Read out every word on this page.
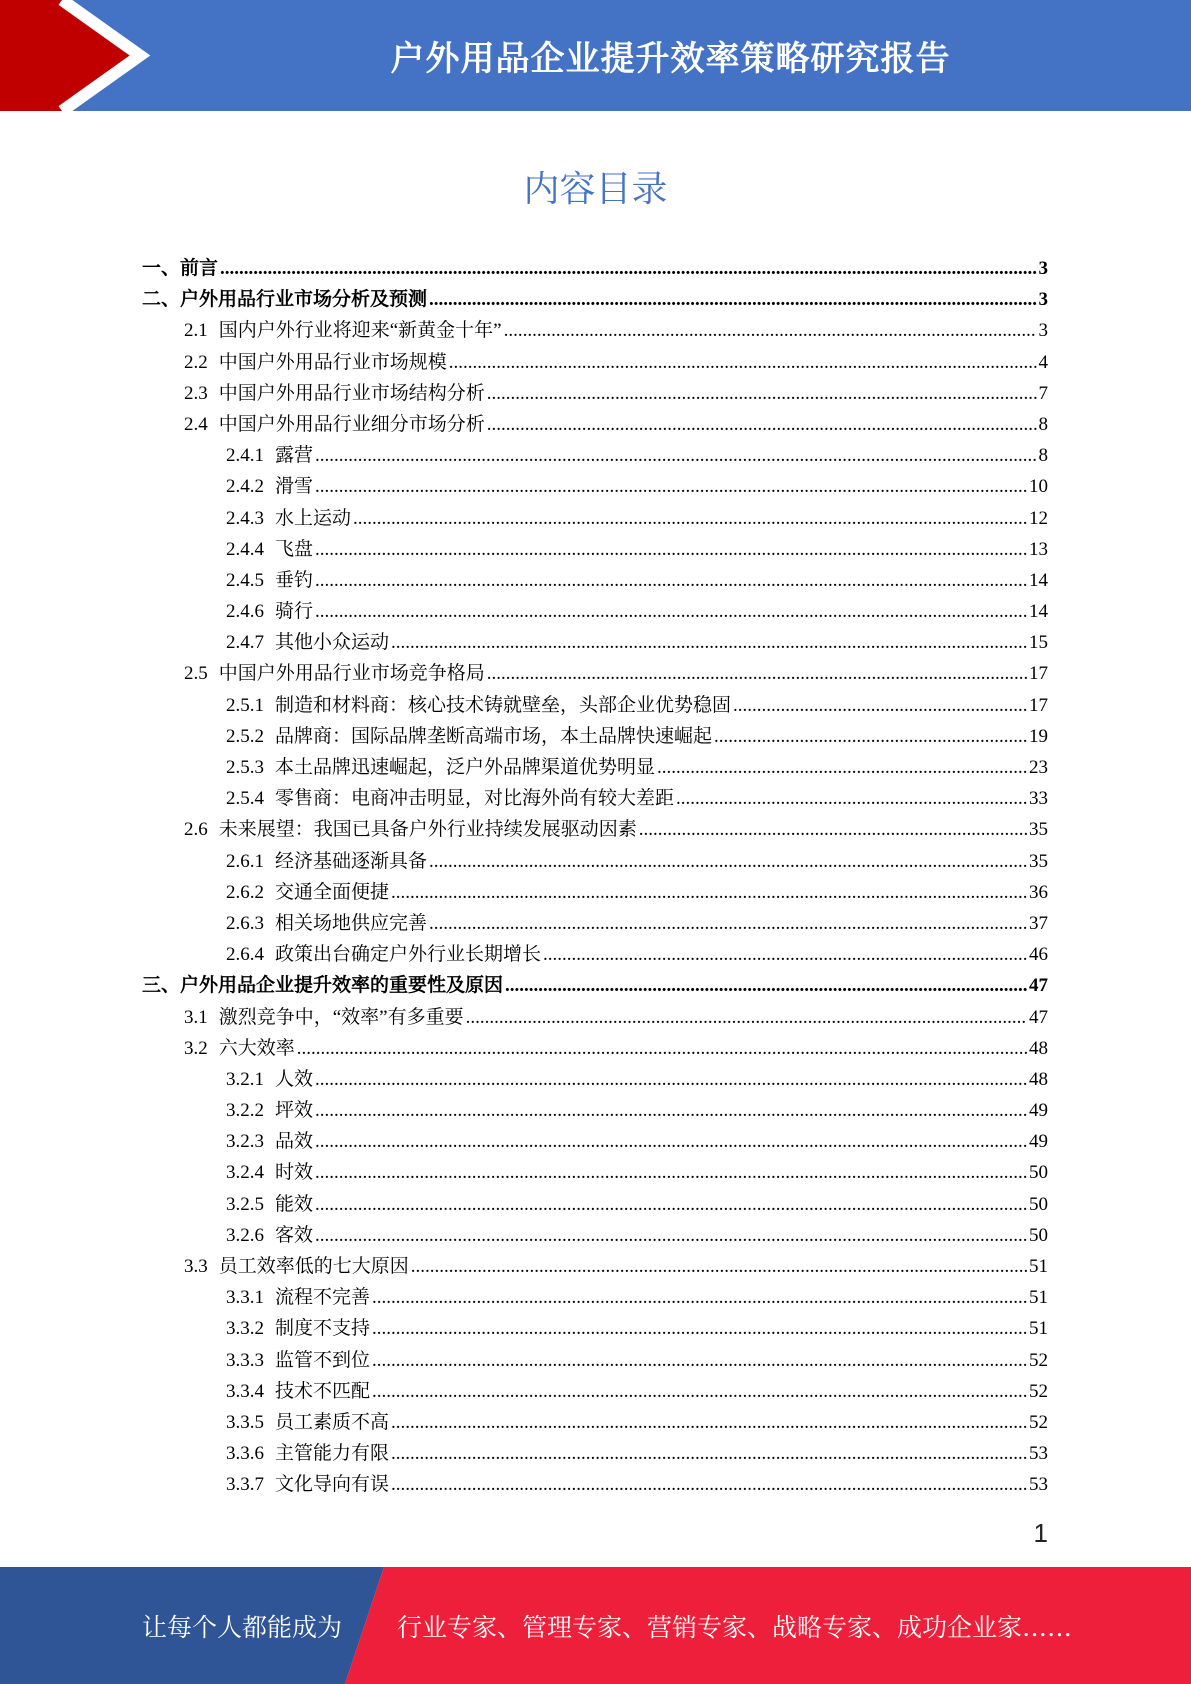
户外用品企业提升效率策略研究报告
内容目录
一、 前言 .....	3
二、 户外用品行业市场分析及预测 .....	3
2.1 国内户外行业将迎来“新黄金十年” .....	3
2.2 中国户外用品行业市场规模 .....	4
2.3 中国户外用品行业市场结构分析 .....	7
2.4 中国户外用品行业细分市场分析 .....	8
2.4.1 露营 .....	8
2.4.2 滑雪 .....	10
2.4.3 水上运动 .....	12
2.4.4 飞盘 .....	13
2.4.5 垂钓 .....	14
2.4.6 骑行 .....	14
2.4.7 其他小众运动 .....	15
2.5 中国户外用品行业市场竞争格局 .....	17
2.5.1 制造和材料商：核心技术铸就壁垒，头部企业优势稳固 .....	17
2.5.2 品牌商：国际品牌垄断高端市场，本土品牌快速崛起 .....	19
2.5.3 本土品牌迅速崛起，泛户外品牌渠道优势明显 .....	23
2.5.4 零售商：电商冲击明显，对比海外尚有较大差距 .....	33
2.6 未来展望：我国已具备户外行业持续发展驱动因素 .....	35
2.6.1 经济基础逐渐具备 .....	35
2.6.2 交通全面便捷 .....	36
2.6.3 相关场地供应完善 .....	37
2.6.4 政策出台确定户外行业长期增长 .....	46
三、 户外用品企业提升效率的重要性及原因 .....	47
3.1 激烈竞争中，“效率”有多重要 .....	47
3.2 六大效率 .....	48
3.2.1 人效 .....	48
3.2.2 坪效 .....	49
3.2.3 品效 .....	49
3.2.4 时效 .....	50
3.2.5 能效 .....	50
3.2.6 客效 .....	50
3.3 员工效率低的七大原因 .....	51
3.3.1 流程不完善 .....	51
3.3.2 制度不支持 .....	51
3.3.3 监管不到位 .....	52
3.3.4 技术不匹配 .....	52
3.3.5 员工素质不高 .....	52
3.3.6 主管能力有限 .....	53
3.3.7 文化导向有误 .....	53
1
让每个人都能成为 行业专家、管理专家、营销专家、战略专家、成功企业家……
